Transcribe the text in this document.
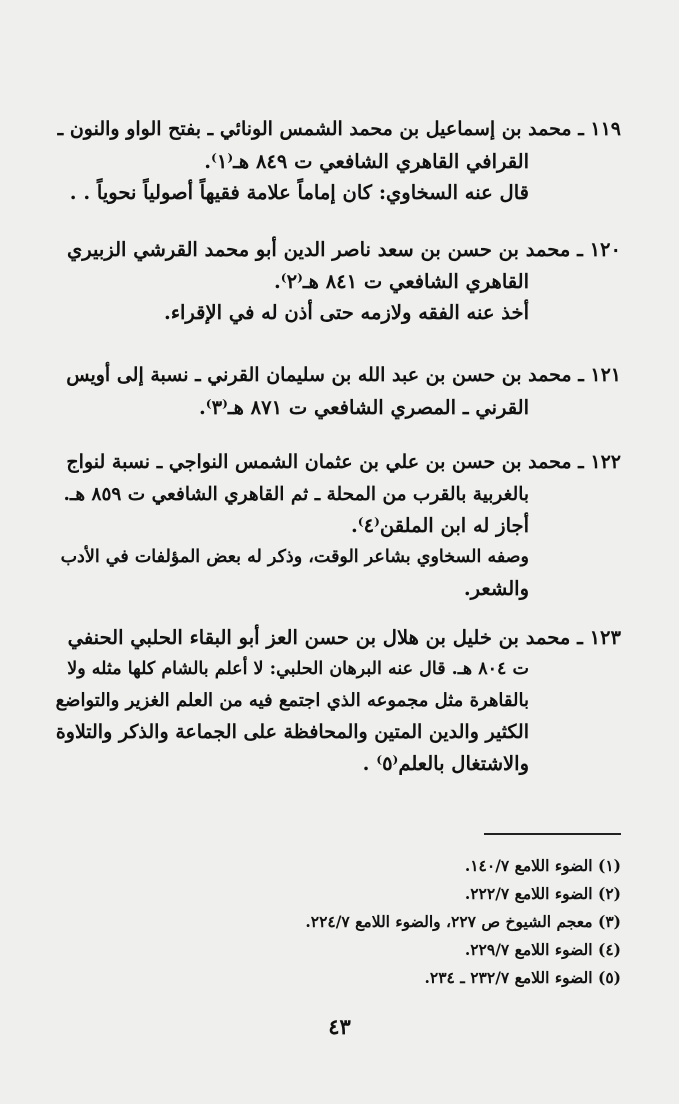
١١٩ ـ محمد بن إسماعيل بن محمد الشمس الونائي ـ بفتح الواو والنون ـ
القرافي القاهري الشافعي ت ٨٤٩ هـ⁽١⁾.
قال عنه السخاوي: كان إماماً علامة فقيهاً أصولياً نحوياً . .
١٢٠ ـ محمد بن حسن بن سعد ناصر الدين أبو محمد القرشي الزبيري
القاهري الشافعي ت ٨٤١ هـ⁽٢⁾.
أخذ عنه الفقه ولازمه حتى أذن له في الإقراء.
١٢١ ـ محمد بن حسن بن عبد الله بن سليمان القرني ـ نسبة إلى أويس
القرني ـ المصري الشافعي ت ٨٧١ هـ⁽٣⁾.
١٢٢ ـ محمد بن حسن بن علي بن عثمان الشمس النواجي ـ نسبة لنواج
بالغربية بالقرب من المحلة ـ ثم القاهري الشافعي ت ٨٥٩ هـ.
أجاز له ابن الملقن⁽٤⁾.
وصفه السخاوي بشاعر الوقت، وذكر له بعض المؤلفات في الأدب
والشعر.
١٢٣ ـ محمد بن خليل بن هلال بن حسن العز أبو البقاء الحلبي الحنفي
ت ٨٠٤ هـ. قال عنه البرهان الحلبي: لا أعلم بالشام كلها مثله ولا
بالقاهرة مثل مجموعه الذي اجتمع فيه من العلم الغزير والتواضع
الكثير والدين المتين والمحافظة على الجماعة والذكر والتلاوة
والاشتغال بالعلم⁽٥⁾ .
(١) الضوء اللامع ١٤٠/٧.
(٢) الضوء اللامع ٢٢٢/٧.
(٣) معجم الشيوخ ص ٢٢٧، والضوء اللامع ٢٢٤/٧.
(٤) الضوء اللامع ٢٢٩/٧.
(٥) الضوء اللامع ٢٣٢/٧ ـ ٢٣٤.
٤٣
